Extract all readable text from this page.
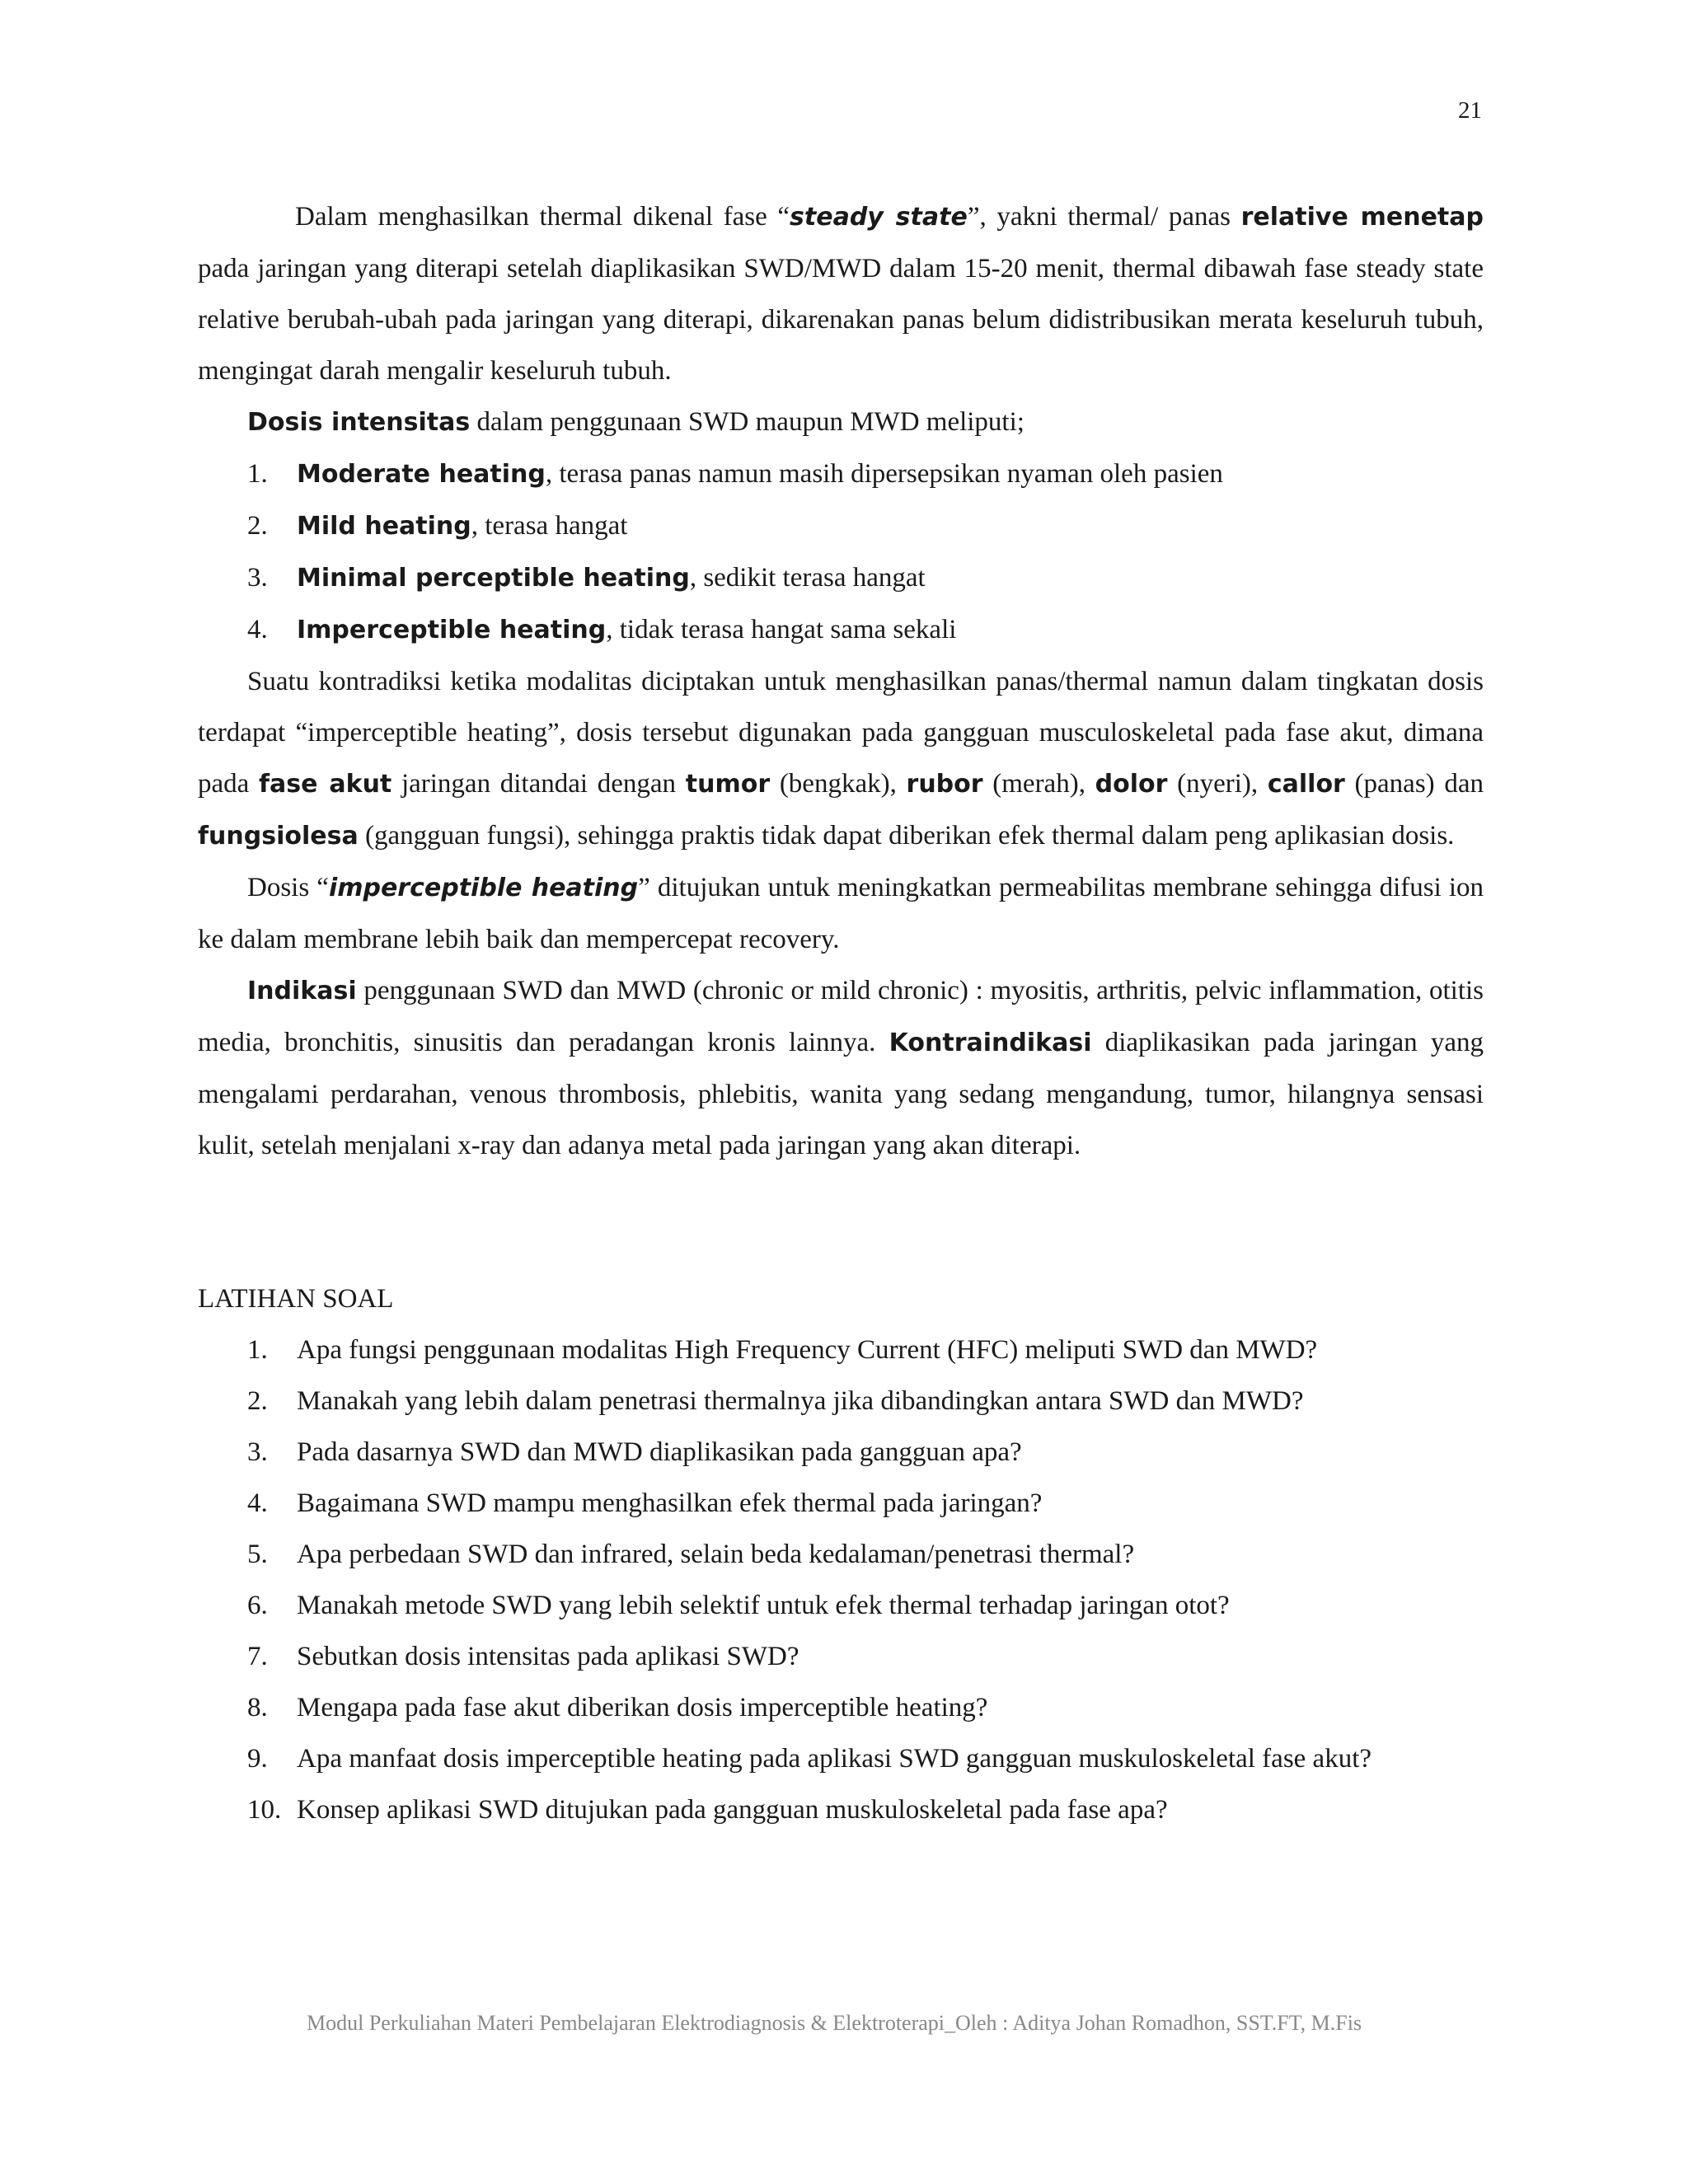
21

Dalam menghasilkan thermal dikenal fase “steady state”, yakni thermal/ panas relative menetap pada jaringan yang diterapi setelah diaplikasikan SWD/MWD dalam 15-20 menit, thermal dibawah fase steady state relative berubah-ubah pada jaringan yang diterapi, dikarenakan panas belum didistribusikan merata keseluruh tubuh, mengingat darah mengalir keseluruh tubuh.

Dosis intensitas dalam penggunaan SWD maupun MWD meliputi;

1.	Moderate heating, terasa panas namun masih dipersepsikan nyaman oleh pasien
2.	Mild heating, terasa hangat
3.	Minimal perceptible heating, sedikit terasa hangat
4.	Imperceptible heating, tidak terasa hangat sama sekali

Suatu kontradiksi ketika modalitas diciptakan untuk menghasilkan panas/thermal namun dalam tingkatan dosis terdapat “imperceptible heating”, dosis tersebut digunakan pada gangguan musculoskeletal pada fase akut, dimana pada fase akut jaringan ditandai dengan tumor (bengkak), rubor (merah), dolor (nyeri), callor (panas) dan fungsiolesa (gangguan fungsi), sehingga praktis tidak dapat diberikan efek thermal dalam peng aplikasian dosis.

Dosis “imperceptible heating” ditujukan untuk meningkatkan permeabilitas membrane sehingga difusi ion ke dalam membrane lebih baik dan mempercepat recovery.

Indikasi penggunaan SWD dan MWD (chronic or mild chronic) : myositis, arthritis, pelvic inflammation, otitis media, bronchitis, sinusitis dan peradangan kronis lainnya. Kontraindikasi diaplikasikan pada jaringan yang mengalami perdarahan, venous thrombosis, phlebitis, wanita yang sedang mengandung, tumor, hilangnya sensasi kulit, setelah menjalani x-ray dan adanya metal pada jaringan yang akan diterapi.

LATIHAN SOAL

1.	Apa fungsi penggunaan modalitas High Frequency Current (HFC) meliputi SWD dan MWD?
2.	Manakah yang lebih dalam penetrasi thermalnya jika dibandingkan antara SWD dan MWD?
3.	Pada dasarnya SWD dan MWD diaplikasikan pada gangguan apa?
4.	Bagaimana SWD mampu menghasilkan efek thermal pada jaringan?
5.	Apa perbedaan SWD dan infrared, selain beda kedalaman/penetrasi thermal?
6.	Manakah metode SWD yang lebih selektif untuk efek thermal terhadap jaringan otot?
7.	Sebutkan dosis intensitas pada aplikasi SWD?
8.	Mengapa pada fase akut diberikan dosis imperceptible heating?
9.	Apa manfaat dosis imperceptible heating pada aplikasi SWD gangguan muskuloskeletal fase akut?
10. Konsep aplikasi SWD ditujukan pada gangguan muskuloskeletal pada fase apa?
Modul Perkuliahan Materi Pembelajaran Elektrodiagnosis & Elektroterapi_Oleh : Aditya Johan Romadhon, SST.FT, M.Fis
